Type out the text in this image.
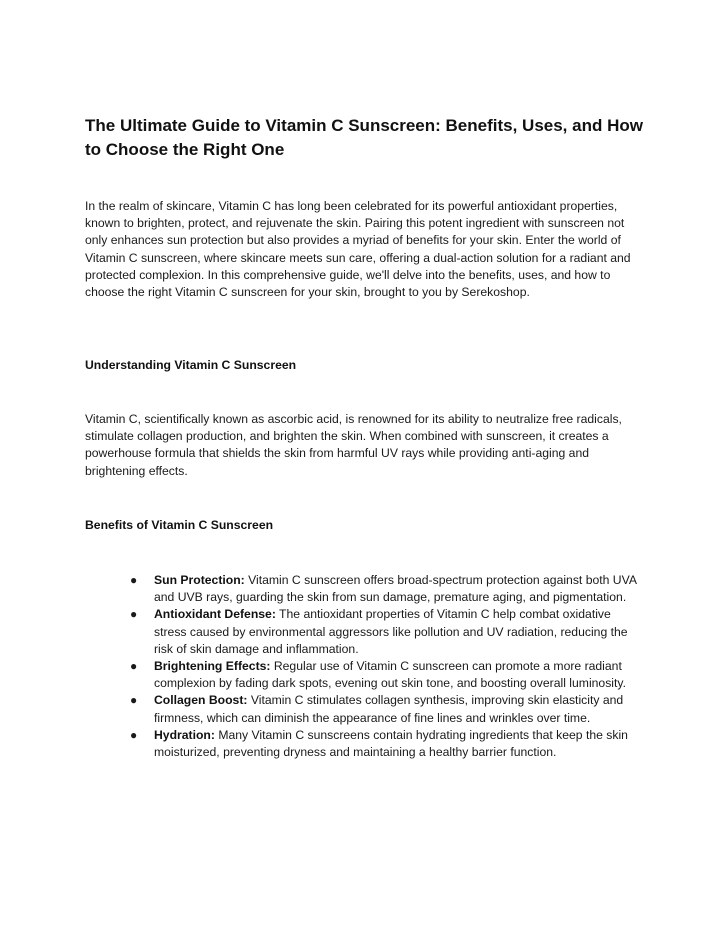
The Ultimate Guide to Vitamin C Sunscreen: Benefits, Uses, and How to Choose the Right One

In the realm of skincare, Vitamin C has long been celebrated for its powerful antioxidant properties, known to brighten, protect, and rejuvenate the skin. Pairing this potent ingredient with sunscreen not only enhances sun protection but also provides a myriad of benefits for your skin. Enter the world of Vitamin C sunscreen, where skincare meets sun care, offering a dual-action solution for a radiant and protected complexion. In this comprehensive guide, we'll delve into the benefits, uses, and how to choose the right Vitamin C sunscreen for your skin, brought to you by Serekoshop.

Understanding Vitamin C Sunscreen

Vitamin C, scientifically known as ascorbic acid, is renowned for its ability to neutralize free radicals, stimulate collagen production, and brighten the skin. When combined with sunscreen, it creates a powerhouse formula that shields the skin from harmful UV rays while providing anti-aging and brightening effects.

Benefits of Vitamin C Sunscreen
● Sun Protection: Vitamin C sunscreen offers broad-spectrum protection against both UVA and UVB rays, guarding the skin from sun damage, premature aging, and pigmentation.
● Antioxidant Defense: The antioxidant properties of Vitamin C help combat oxidative stress caused by environmental aggressors like pollution and UV radiation, reducing the risk of skin damage and inflammation.
● Brightening Effects: Regular use of Vitamin C sunscreen can promote a more radiant complexion by fading dark spots, evening out skin tone, and boosting overall luminosity.
● Collagen Boost: Vitamin C stimulates collagen synthesis, improving skin elasticity and firmness, which can diminish the appearance of fine lines and wrinkles over time.
● Hydration: Many Vitamin C sunscreens contain hydrating ingredients that keep the skin moisturized, preventing dryness and maintaining a healthy barrier function.
